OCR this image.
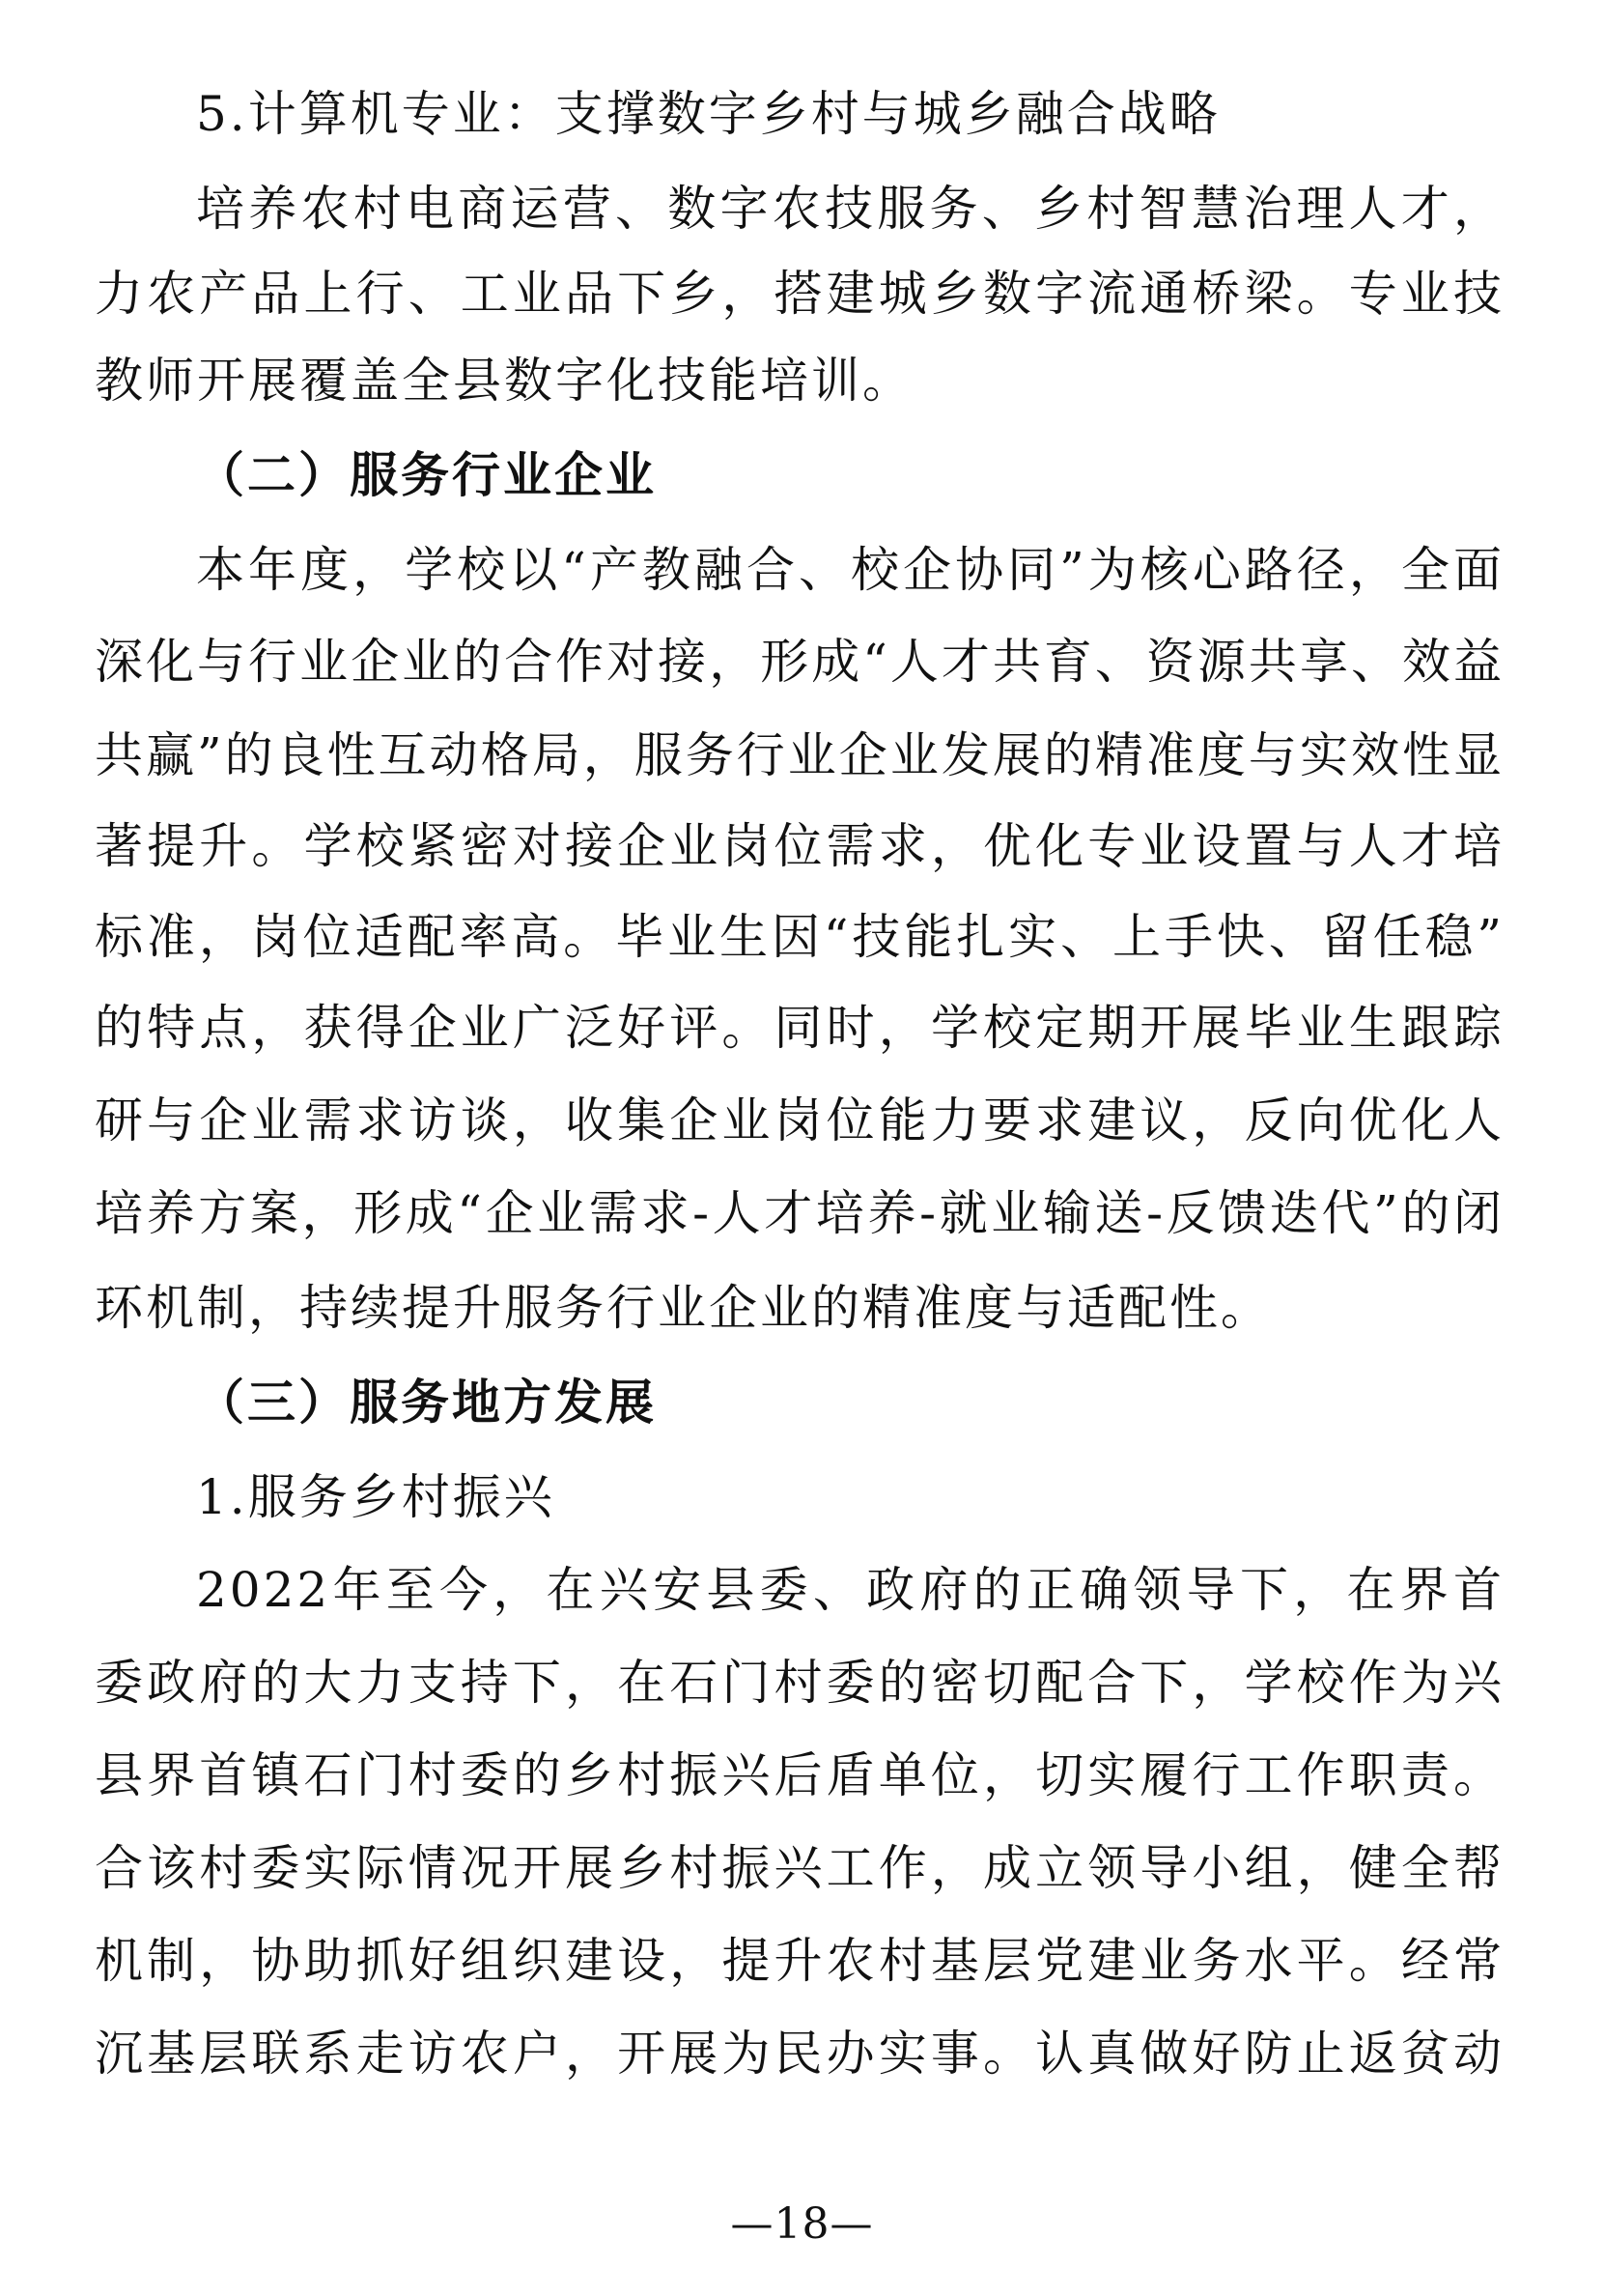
5.计算机专业：支撑数字乡村与城乡融合战略
培养农村电商运营、数字农技服务、乡村智慧治理人才，
力农产品上行、工业品下乡，搭建城乡数字流通桥梁。专业技
教师开展覆盖全县数字化技能培训。
（二）服务行业企业
本年度，学校以“产教融合、校企协同”为核心路径，全面
深化与行业企业的合作对接，形成“人才共育、资源共享、效益
共赢”的良性互动格局，服务行业企业发展的精准度与实效性显
著提升。学校紧密对接企业岗位需求，优化专业设置与人才培
标准，岗位适配率高。毕业生因“技能扎实、上手快、留任稳”
的特点，获得企业广泛好评。同时，学校定期开展毕业生跟踪
研与企业需求访谈，收集企业岗位能力要求建议，反向优化人
培养方案，形成“企业需求-人才培养-就业输送-反馈迭代”的闭
环机制，持续提升服务行业企业的精准度与适配性。
（三）服务地方发展
1.服务乡村振兴
2022年至今，在兴安县委、政府的正确领导下，在界首
委政府的大力支持下，在石门村委的密切配合下，学校作为兴
县界首镇石门村委的乡村振兴后盾单位，切实履行工作职责。
合该村委实际情况开展乡村振兴工作，成立领导小组，健全帮
机制，协助抓好组织建设，提升农村基层党建业务水平。经常
沉基层联系走访农户，开展为民办实事。认真做好防止返贫动
—18—
